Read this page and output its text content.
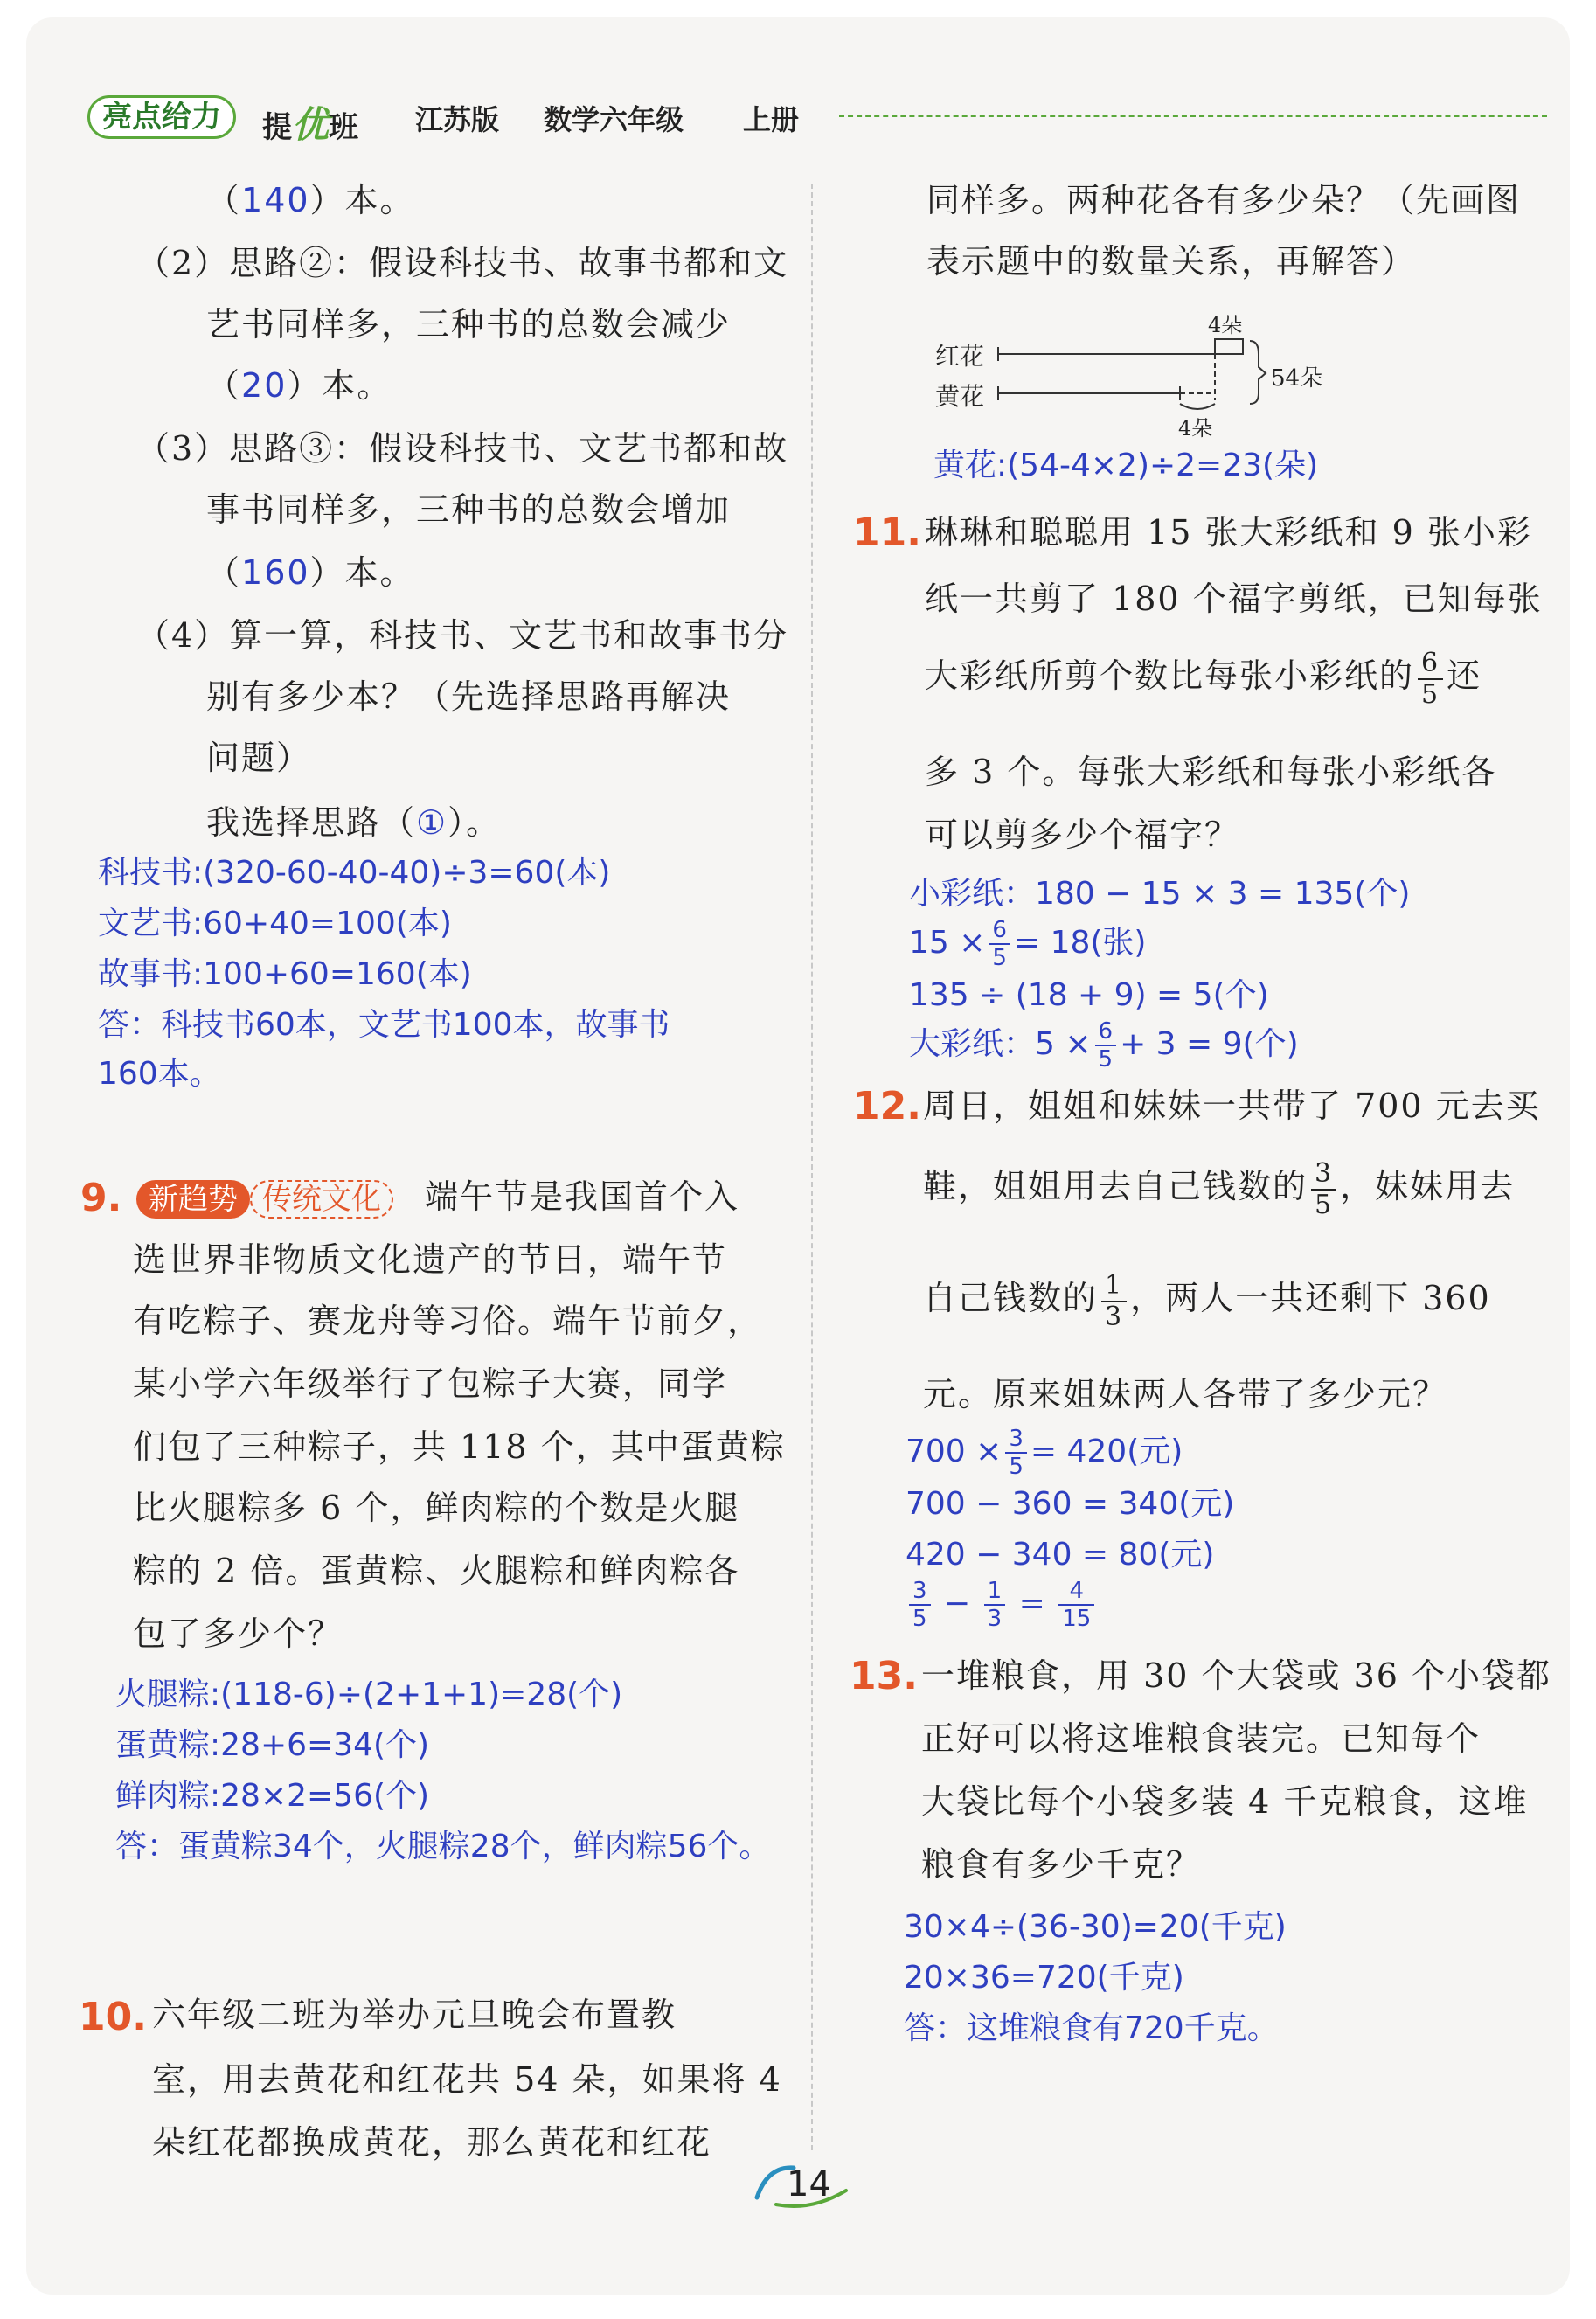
亮点给力	提优班 江苏版 数学六年级 上册
（140）本。
（2）思路②：假设科技书、故事书都和文
艺书同样多，三种书的总数会减少
（20）本。
（3）思路③：假设科技书、文艺书都和故
事书同样多，三种书的总数会增加
（160）本。
（4）算一算，科技书、文艺书和故事书分
别有多少本？（先选择思路再解决
问题）
我选择思路（①）。
科技书:(320-60-40-40)÷3=60(本)
文艺书:60+40=100(本)
故事书:100+60=160(本)
答：科技书60本，文艺书100本，故事书
160本。
9. 新趋势 传统文化	端午节是我国首个入
选世界非物质文化遗产的节日，端午节
有吃粽子、赛龙舟等习俗。端午节前夕，
某小学六年级举行了包粽子大赛，同学
们包了三种粽子，共 118 个，其中蛋黄粽
比火腿粽多 6 个，鲜肉粽的个数是火腿
粽的 2 倍。蛋黄粽、火腿粽和鲜肉粽各
包了多少个？
火腿粽:(118-6)÷(2+1+1)=28(个)
蛋黄粽:28+6=34(个)
鲜肉粽:28×2=56(个)
答：蛋黄粽34个，火腿粽28个，鲜肉粽56个。
10. 六年级二班为举办元旦晚会布置教
室，用去黄花和红花共 54 朵，如果将 4
朵红花都换成黄花，那么黄花和红花
同样多。两种花各有多少朵？（先画图
表示题中的数量关系，再解答）
红花
黄花
4朵
4朵
54朵
黄花:(54-4×2)÷2=23(朵)
11. 琳琳和聪聪用 15 张大彩纸和 9 张小彩
纸一共剪了 180 个福字剪纸，已知每张
大彩纸所剪个数比每张小彩纸的 $\frac{6}{5}$ 还
多 3 个。每张大彩纸和每张小彩纸各
可以剪多少个福字？
小彩纸：180 − 15 × 3 = 135(个)
$15 \times \frac{6}{5} = 18$(张)
135 ÷ (18 + 9) = 5(个)
大彩纸：$5 \times \frac{6}{5} + 3 = 9$(个)
12. 周日，姐姐和妹妹一共带了 700 元去买
鞋，姐姐用去自己钱数的 $\frac{3}{5}$ ，妹妹用去
自己钱数的 $\frac{1}{3}$ ，两人一共还剩下 360
元。原来姐妹两人各带了多少元？
$700 \times \frac{3}{5} = 420$(元)
700 − 360 = 340(元)
420 − 340 = 80(元)
$\frac{3}{5} - \frac{1}{3} = \frac{4}{15}$
13. 一堆粮食，用 30 个大袋或 36 个小袋都
正好可以将这堆粮食装完。已知每个
大袋比每个小袋多装 4 千克粮食，这堆
粮食有多少千克？
30×4÷(36-30)=20(千克)
20×36=720(千克)
答：这堆粮食有720千克。
14
